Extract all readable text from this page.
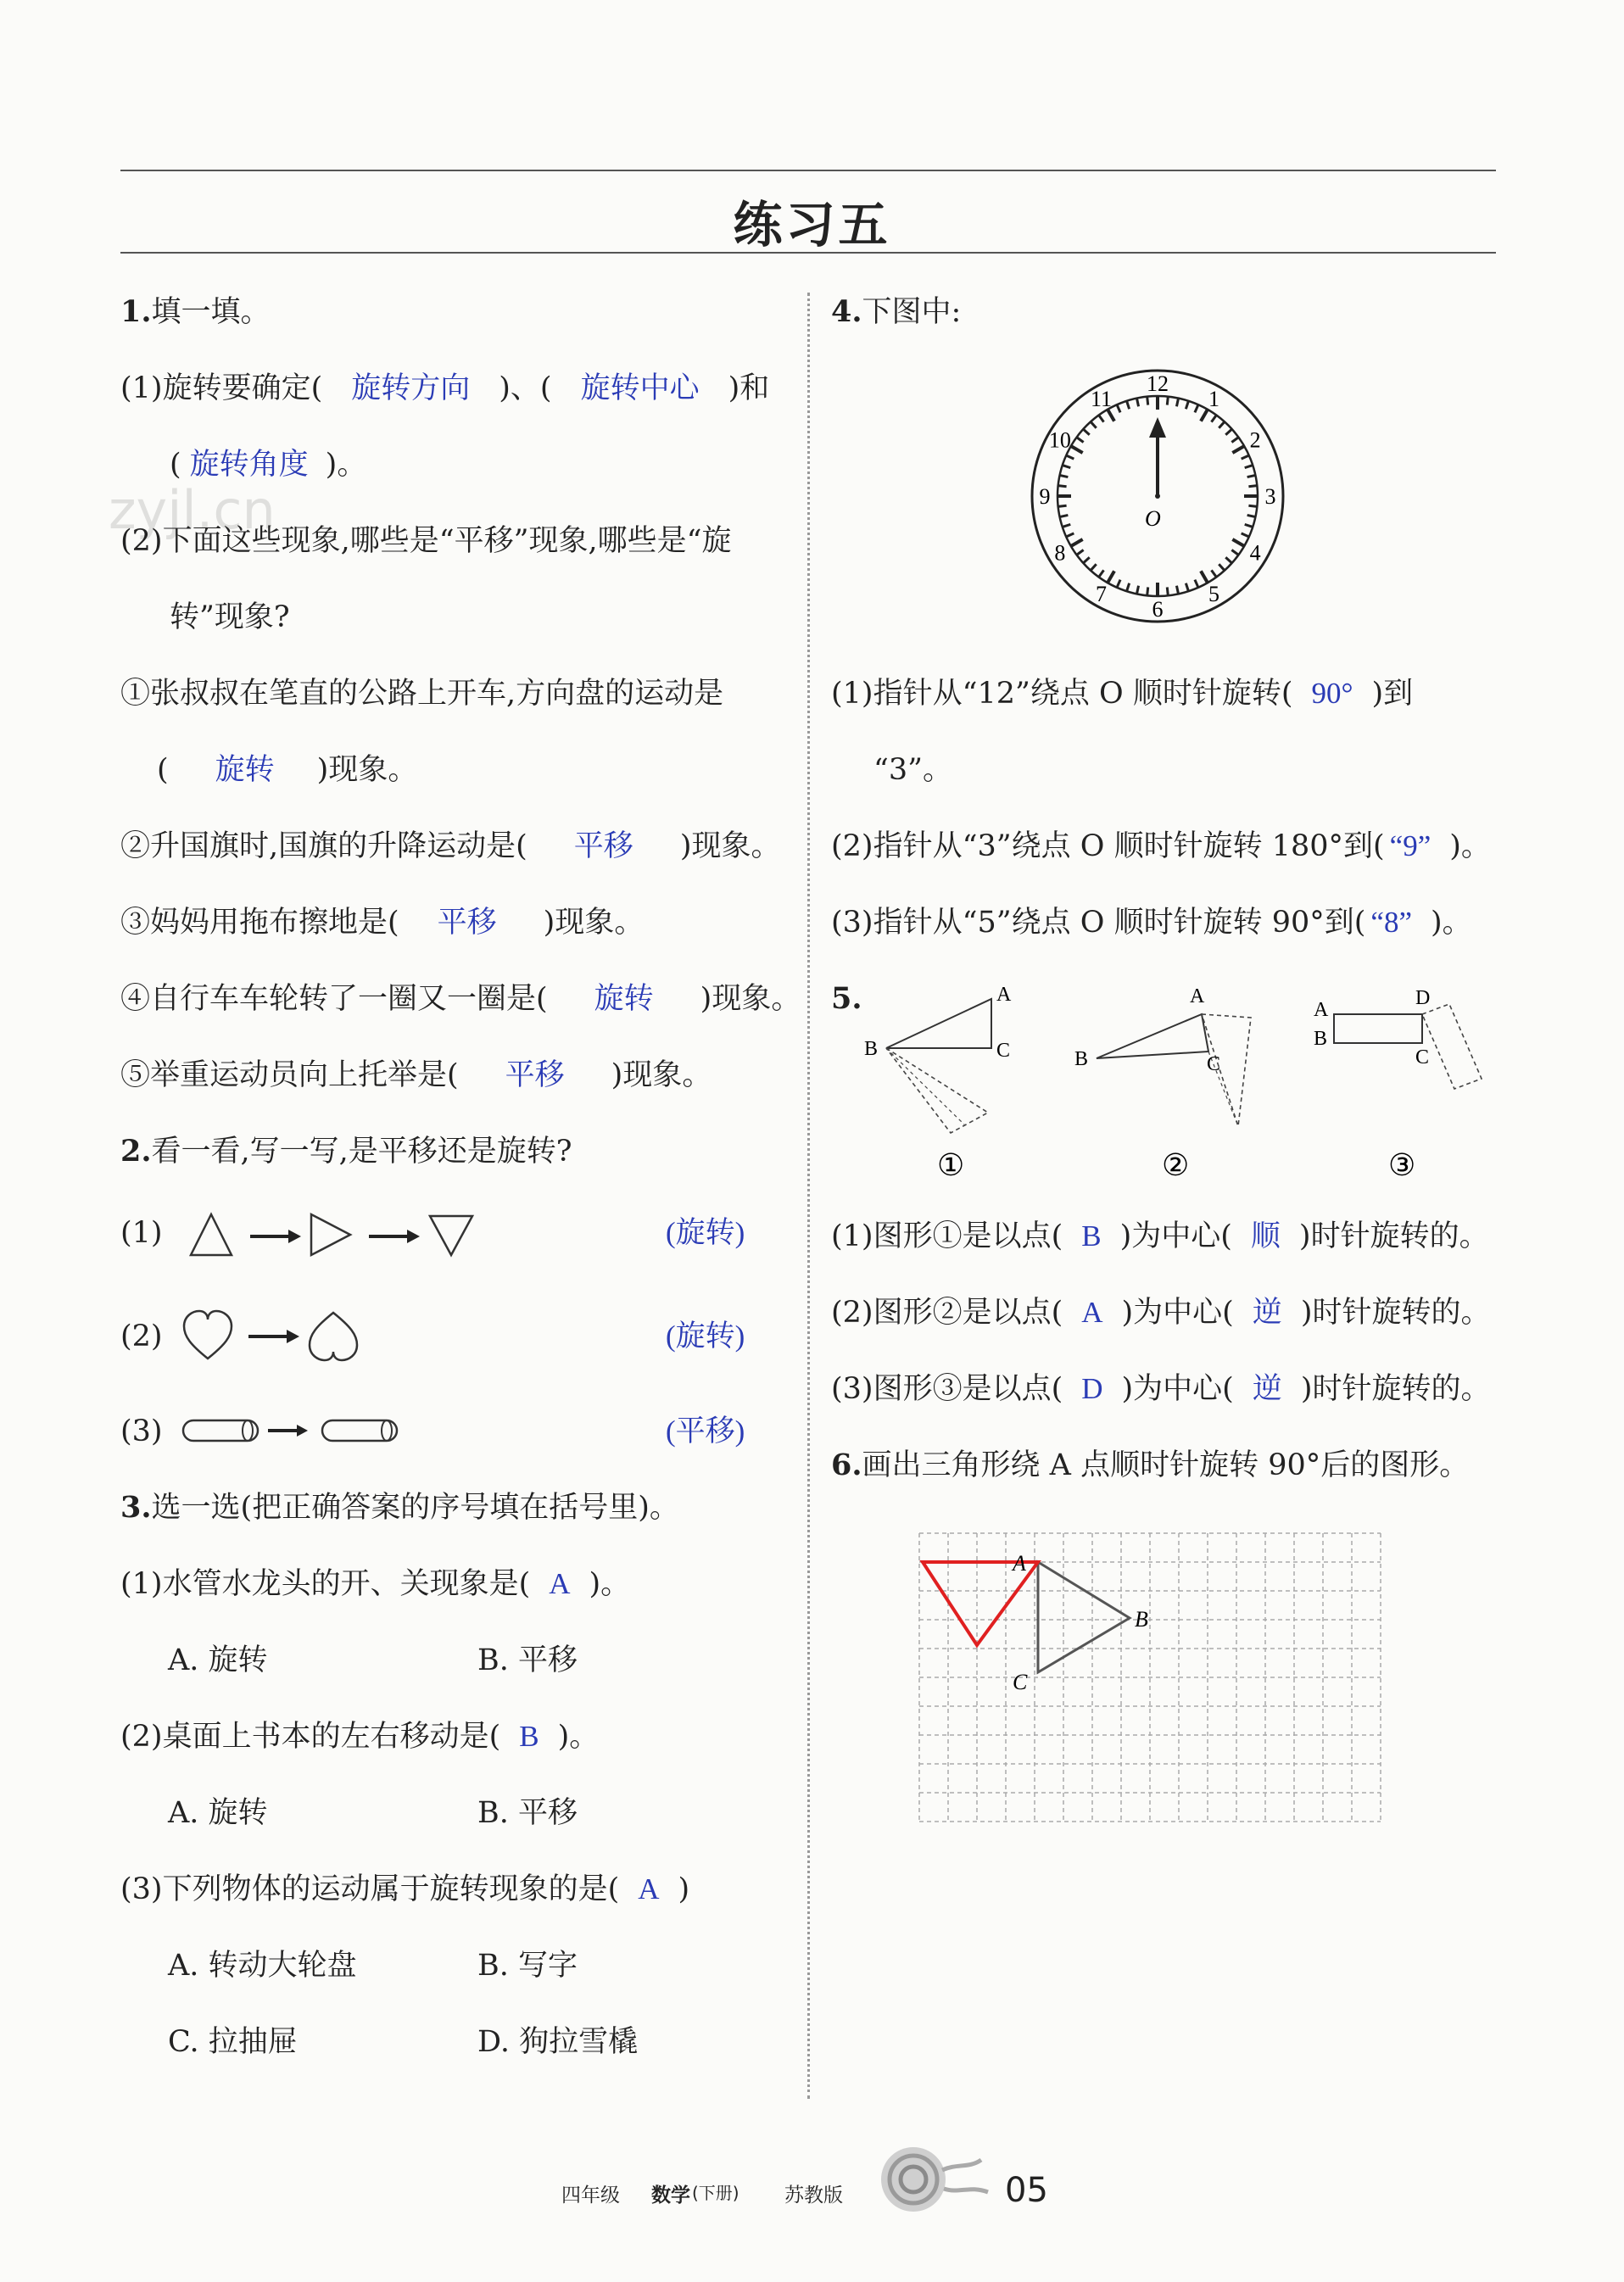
练习五
zyjl.cn
1.填一填。
(1)旋转要确定( 旋转方向 )、( 旋转中心 )和
( 旋转角度 )。
(2)下面这些现象,哪些是“平移”现象,哪些是“旋
转”现象?
①张叔叔在笔直的公路上开车,方向盘的运动是
( 旋转 )现象。
②升国旗时,国旗的升降运动是( 平移 )现象。
③妈妈用拖布擦地是( 平移 )现象。
④自行车车轮转了一圈又一圈是( 旋转 )现象。
⑤举重运动员向上托举是( 平移 )现象。
2.看一看,写一写,是平移还是旋转?
(1)	(旋转)
(2)	(旋转)
(3)	(平移)
3.选一选(把正确答案的序号填在括号里)。
(1)水管水龙头的开、关现象是( A )。
A. 旋转	B. 平移
(2)桌面上书本的左右移动是( B )。
A. 旋转	B. 平移
(3)下列物体的运动属于旋转现象的是( A )
A. 转动大轮盘	B. 写字
C. 拉抽屉	D. 狗拉雪橇
4.下图中:
12
1
2
3
4
5
6
7
8
9
10
11
O
(1)指针从“12”绕点 O 顺时针旋转( 90° )到
“3”。
(2)指针从“3”绕点 O 顺时针旋转 180°到( “9” )。
(3)指针从“5”绕点 O 顺时针旋转 90°到( “8” )。
5.	A
B	C
①
A
B	C
②
A
B
C
D
③
(1)图形①是以点( B )为中心( 顺 )时针旋转的。
(2)图形②是以点( A )为中心( 逆 )时针旋转的。
(3)图形③是以点( D )为中心( 逆 )时针旋转的。
6.画出三角形绕 A 点顺时针旋转 90°后的图形。
A
B
C
四年级 数学 (下册) 苏教版	05
